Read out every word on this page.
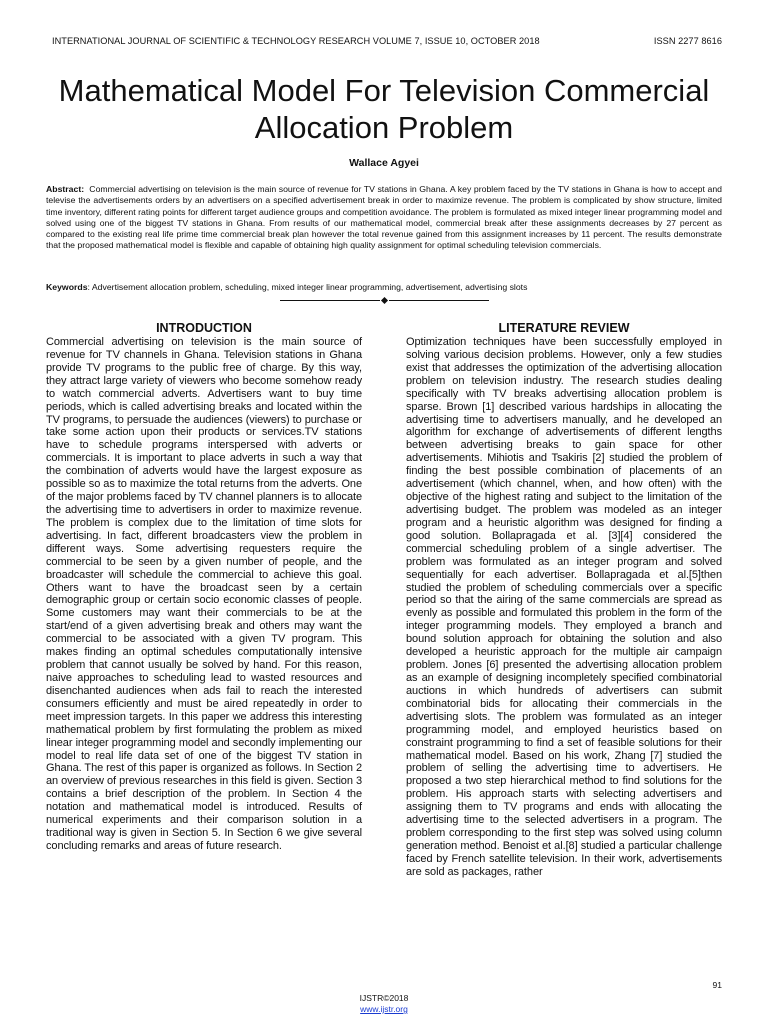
INTERNATIONAL JOURNAL OF SCIENTIFIC & TECHNOLOGY RESEARCH VOLUME 7, ISSUE 10, OCTOBER 2018	ISSN 2277 8616
Mathematical Model For Television Commercial Allocation Problem
Wallace Agyei

Abstract: Commercial advertising on television is the main source of revenue for TV stations in Ghana. A key problem faced by the TV stations in Ghana is how to accept and televise the advertisements orders by an advertisers on a specified advertisement break in order to maximize revenue. The problem is complicated by show structure, limited time inventory, different rating points for different target audience groups and competition avoidance. The problem is formulated as mixed integer linear programming model and solved using one of the biggest TV stations in Ghana. From results of our mathematical model, commercial break after these assignments decreases by 27 percent as compared to the existing real life prime time commercial break plan however the total revenue gained from this assignment increases by 11 percent. The results demonstrate that the proposed mathematical model is flexible and capable of obtaining high quality assignment for optimal scheduling television commercials.

Keywords: Advertisement allocation problem, scheduling, mixed integer linear programming, advertisement, advertising slots

INTRODUCTION

Commercial advertising on television is the main source of revenue for TV channels in Ghana. Television stations in Ghana provide TV programs to the public free of charge. By this way, they attract large variety of viewers who become somehow ready to watch commercial adverts. Advertisers want to buy time periods, which is called advertising breaks and located within the TV programs, to persuade the audiences (viewers) to purchase or take some action upon their products or services.TV stations have to schedule programs interspersed with adverts or commercials. It is important to place adverts in such a way that the combination of adverts would have the largest exposure as possible so as to maximize the total returns from the adverts. One of the major problems faced by TV channel planners is to allocate the advertising time to advertisers in order to maximize revenue. The problem is complex due to the limitation of time slots for advertising. In fact, different broadcasters view the problem in different ways. Some advertising requesters require the commercial to be seen by a given number of people, and the broadcaster will schedule the commercial to achieve this goal. Others want to have the broadcast seen by a certain demographic group or certain socio economic classes of people. Some customers may want their commercials to be at the start/end of a given advertising break and others may want the commercial to be associated with a given TV program. This makes finding an optimal schedules computationally intensive problem that cannot usually be solved by hand. For this reason, naive approaches to scheduling lead to wasted resources and disenchanted audiences when ads fail to reach the interested consumers efficiently and must be aired repeatedly in order to meet impression targets. In this paper we address this interesting mathematical problem by first formulating the problem as mixed linear integer programming model and secondly implementing our model to real life data set of one of the biggest TV station in Ghana. The rest of this paper is organized as follows. In Section 2 an overview of previous researches in this field is given. Section 3 contains a brief description of the problem. In Section 4 the notation and mathematical model is introduced. Results of numerical experiments and their comparison solution in a traditional way is given in Section 5. In Section 6 we give several concluding remarks and areas of future research.

LITERATURE REVIEW

Optimization techniques have been successfully employed in solving various decision problems. However, only a few studies exist that addresses the optimization of the advertising allocation problem on television industry. The research studies dealing specifically with TV breaks advertising allocation problem is sparse. Brown [1] described various hardships in allocating the advertising time to advertisers manually, and he developed an algorithm for exchange of advertisements of different lengths between advertising breaks to gain space for other advertisements. Mihiotis and Tsakiris [2] studied the problem of finding the best possible combination of placements of an advertisement (which channel, when, and how often) with the objective of the highest rating and subject to the limitation of the advertising budget. The problem was modeled as an integer program and a heuristic algorithm was designed for finding a good solution. Bollapragada et al. [3][4] considered the commercial scheduling problem of a single advertiser. The problem was formulated as an integer program and solved sequentially for each advertiser. Bollapragada et al.[5]then studied the problem of scheduling commercials over a specific period so that the airing of the same commercials are spread as evenly as possible and formulated this problem in the form of the integer programming models. They employed a branch and bound solution approach for obtaining the solution and also developed a heuristic approach for the multiple air campaign problem. Jones [6] presented the advertising allocation problem as an example of designing incompletely specified combinatorial auctions in which hundreds of advertisers can submit combinatorial bids for allocating their commercials in the advertising slots. The problem was formulated as an integer programming model, and employed heuristics based on constraint programming to find a set of feasible solutions for their mathematical model. Based on his work, Zhang [7] studied the problem of selling the advertising time to advertisers. He proposed a two step hierarchical method to find solutions for the problem. His approach starts with selecting advertisers and assigning them to TV programs and ends with allocating the advertising time to the selected advertisers in a program. The problem corresponding to the first step was solved using column generation method. Benoist et al.[8] studied a particular challenge faced by French satellite television. In their work, advertisements are sold as packages, rather

91
IJSTR©2018
www.ijstr.org
